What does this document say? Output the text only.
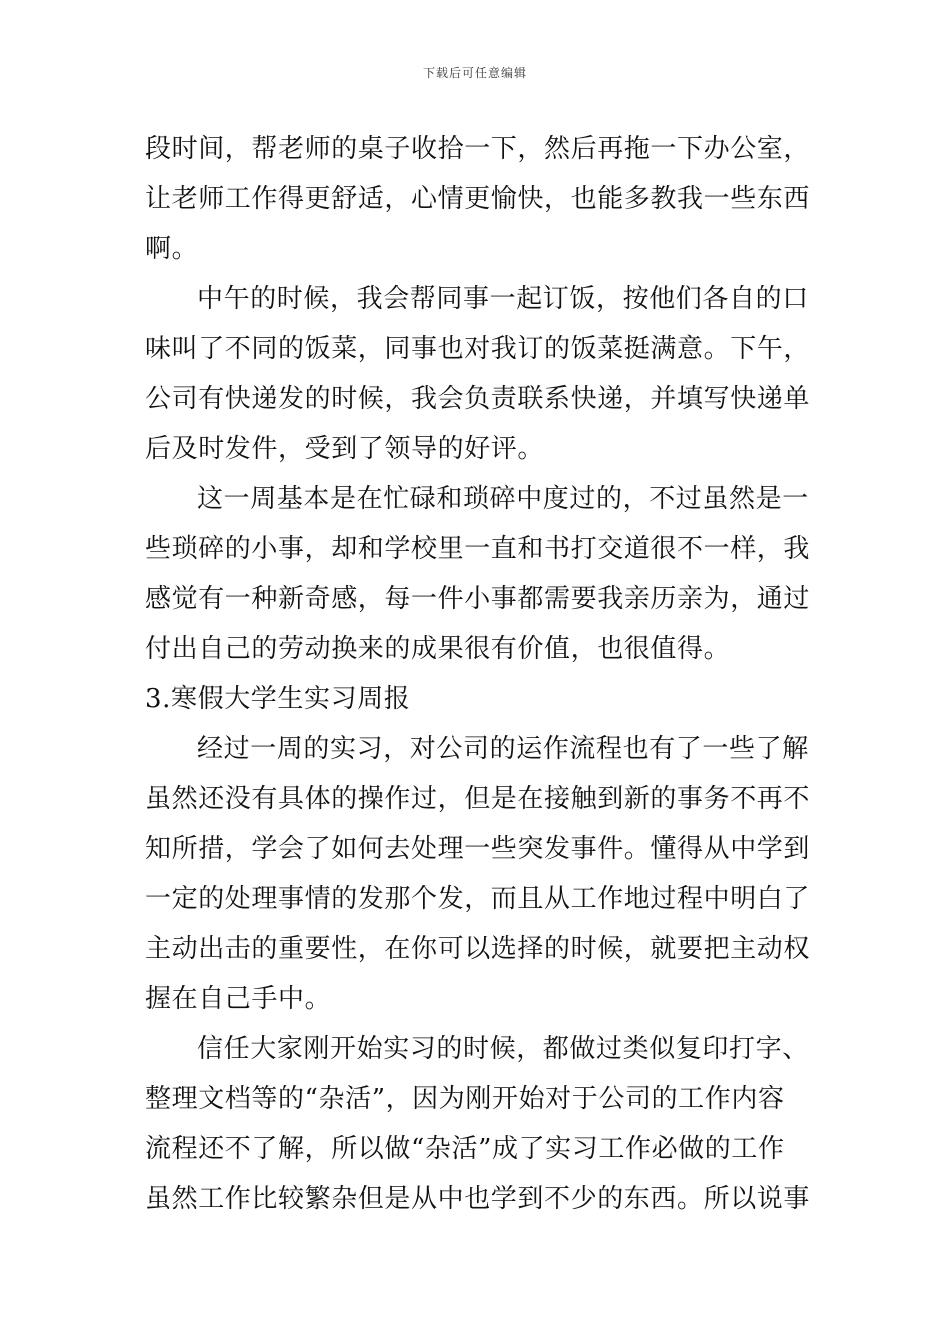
下载后可任意编辑
段时间，帮老师的桌子收拾一下，然后再拖一下办公室，
让老师工作得更舒适，心情更愉快，也能多教我一些东西
啊。
中午的时候，我会帮同事一起订饭，按他们各自的口
味叫了不同的饭菜，同事也对我订的饭菜挺满意。下午，
公司有快递发的时候，我会负责联系快递，并填写快递单
后及时发件，受到了领导的好评。
这一周基本是在忙碌和琐碎中度过的，不过虽然是一
些琐碎的小事，却和学校里一直和书打交道很不一样，我
感觉有一种新奇感，每一件小事都需要我亲历亲为，通过
付出自己的劳动换来的成果很有价值，也很值得。
3.寒假大学生实习周报
经过一周的实习，对公司的运作流程也有了一些了解
虽然还没有具体的操作过，但是在接触到新的事务不再不
知所措，学会了如何去处理一些突发事件。懂得从中学到
一定的处理事情的发那个发，而且从工作地过程中明白了
主动出击的重要性，在你可以选择的时候，就要把主动权
握在自己手中。
信任大家刚开始实习的时候，都做过类似复印打字、
整理文档等的“杂活”，因为刚开始对于公司的工作内容
流程还不了解，所以做“杂活”成了实习工作必做的工作
虽然工作比较繁杂但是从中也学到不少的东西。所以说事
